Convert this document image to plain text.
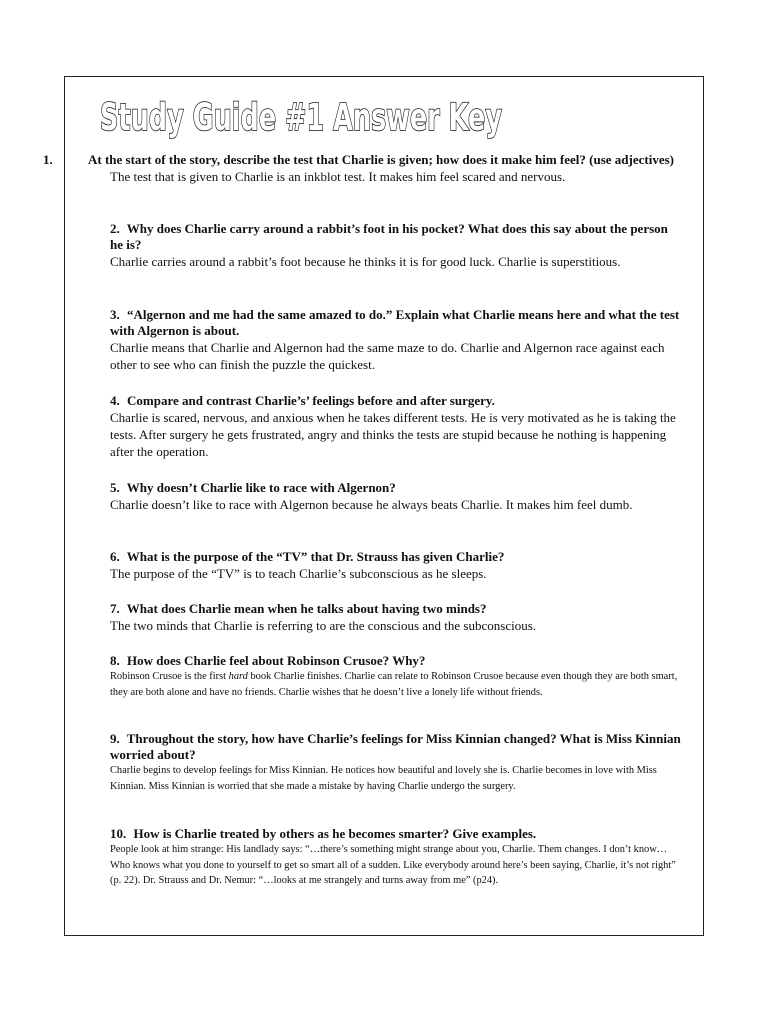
Study Guide #1 Answer Key
1.	At the start of the story, describe the test that Charlie is given; how does it make him feel? (use adjectives)

The test that is given to Charlie is an inkblot test. It makes him feel scared and nervous.

2. Why does Charlie carry around a rabbit’s foot in his pocket? What does this say about the person he is?

Charlie carries around a rabbit’s foot because he thinks it is for good luck. Charlie is superstitious.

3. “Algernon and me had the same amazed to do.” Explain what Charlie means here and what the test with Algernon is about.

Charlie means that Charlie and Algernon had the same maze to do. Charlie and Algernon race against each other to see who can finish the puzzle the quickest.

4. Compare and contrast Charlie’s’ feelings before and after surgery.

Charlie is scared, nervous, and anxious when he takes different tests. He is very motivated as he is taking the tests. After surgery he gets frustrated, angry and thinks the tests are stupid because he nothing is happening after the operation.

5. Why doesn’t Charlie like to race with Algernon?

Charlie doesn’t like to race with Algernon because he always beats Charlie. It makes him feel dumb.

6. What is the purpose of the “TV” that Dr. Strauss has given Charlie?

The purpose of the “TV” is to teach Charlie’s subconscious as he sleeps.

7. What does Charlie mean when he talks about having two minds?

The two minds that Charlie is referring to are the conscious and the subconscious.

8. How does Charlie feel about Robinson Crusoe? Why?

Robinson Crusoe is the first hard book Charlie finishes. Charlie can relate to Robinson Crusoe because even though they are both smart, they are both alone and have no friends. Charlie wishes that he doesn’t live a lonely life without friends.

9. Throughout the story, how have Charlie’s feelings for Miss Kinnian changed? What is Miss Kinnian worried about?

Charlie begins to develop feelings for Miss Kinnian. He notices how beautiful and lovely she is. Charlie becomes in love with Miss Kinnian. Miss Kinnian is worried that she made a mistake by having Charlie undergo the surgery.

10. How is Charlie treated by others as he becomes smarter? Give examples.

People look at him strange: His landlady says: “…there’s something might strange about you, Charlie. Them changes. I don’t know…Who knows what you done to yourself to get so smart all of a sudden. Like everybody around here’s been saying, Charlie, it’s not right” (p. 22). Dr. Strauss and Dr. Nemur: “…looks at me strangely and turns away from me” (p24).
